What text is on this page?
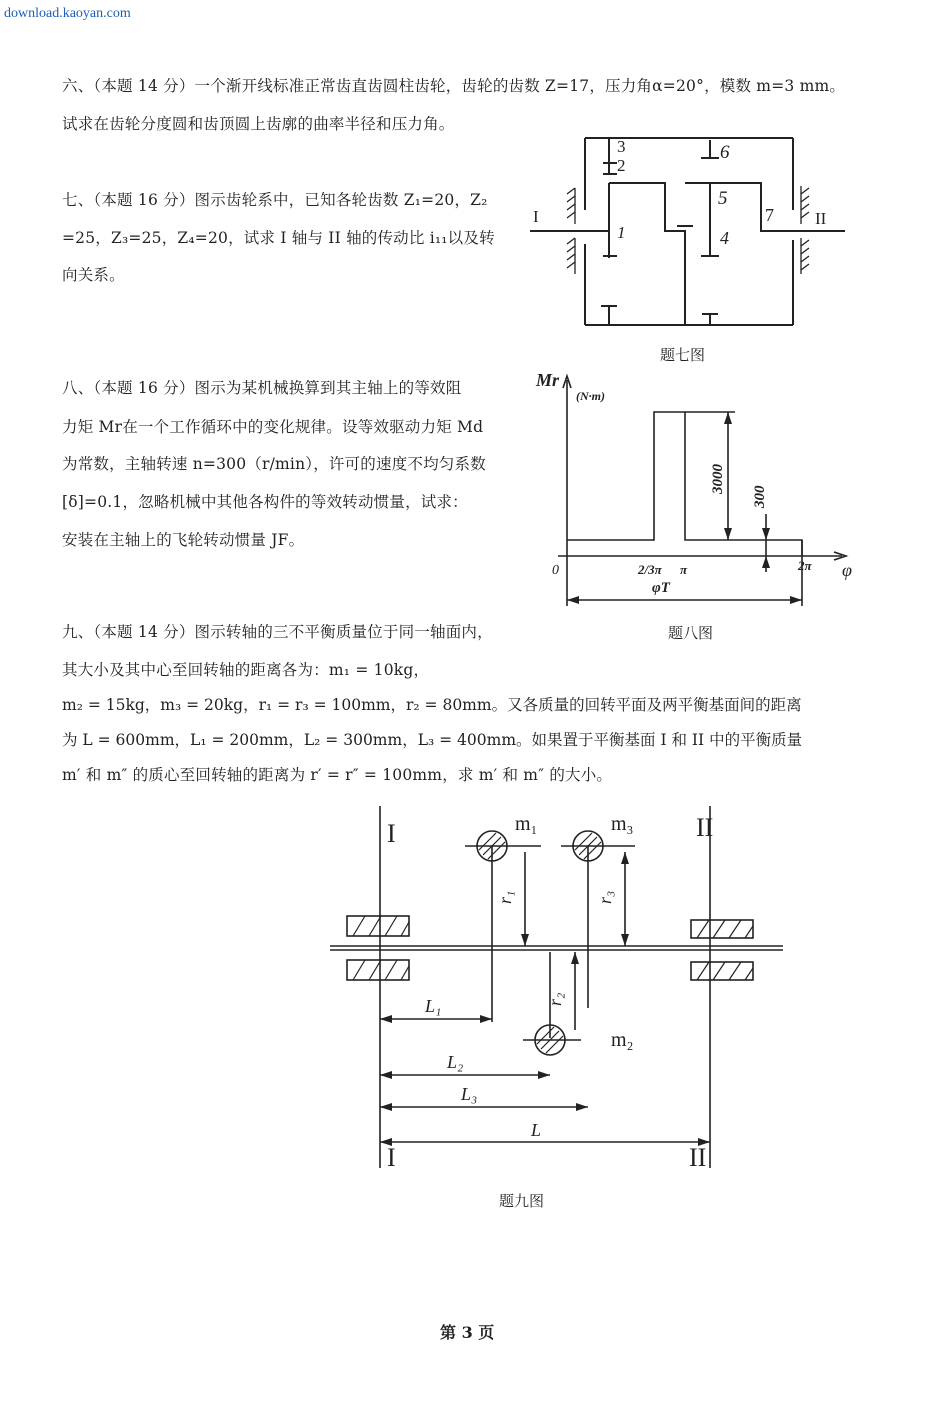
download.kaoyan.com
六、（本题 14 分）一个渐开线标准正常齿直齿圆柱齿轮，齿轮的齿数 Z=17，压力角α=20°，模数 m=3 mm。
试求在齿轮分度圆和齿顶圆上齿廓的曲率半径和压力角。
七、（本题 16 分）图示齿轮系中，已知各轮齿数 Z₁=20，Z₂
=25，Z₃=25，Z₄=20，试求 I 轴与 II 轴的传动比 i₁₁以及转
向关系。
3
2
1
6
5
4
7
I	II
题七图
八、（本题 16 分）图示为某机械换算到其主轴上的等效阻
力矩 Mr在一个工作循环中的变化规律。设等效驱动力矩 Md
为常数，主轴转速 n=300（r/min），许可的速度不均匀系数
[δ]=0.1，忽略机械中其他各构件的等效转动惯量，试求：
安装在主轴上的飞轮转动惯量 JF。
Mr
(N·m)
φ
0	2/3π π	2π
3000
300
φT
题八图
九、（本题 14 分）图示转轴的三不平衡质量位于同一轴面内，
其大小及其中心至回转轴的距离各为：m₁ = 10kg，
m₂ = 15kg，m₃ = 20kg，r₁ = r₃ = 100mm，r₂ = 80mm。又各质量的回转平面及两平衡基面间的距离
为 L = 600mm，L₁ = 200mm，L₂ = 300mm，L₃ = 400mm。如果置于平衡基面 I 和 II 中的平衡质量
m′ 和 m″ 的质心至回转轴的距离为 r′ = r″ = 100mm，求 m′ 和 m″ 的大小。
I	II
I	II
m₁	m₃
m₂
r₁	r₃
r₂
L₁
L₂
L₃
L
题九图
第 3 页
